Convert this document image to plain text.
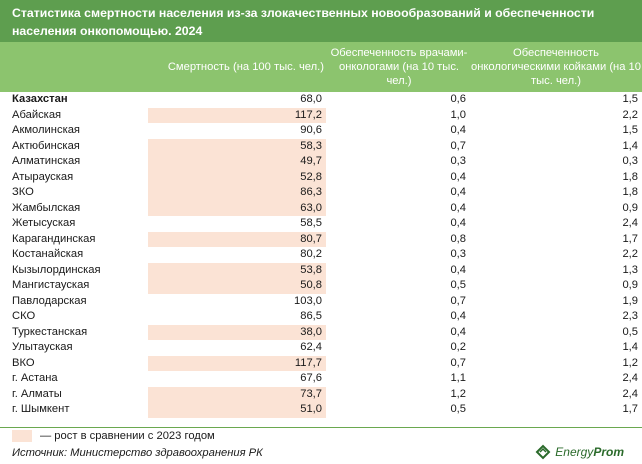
Статистика смертности населения из-за злокачественных новообразований и обеспеченности населения онкопомощью. 2024
Смертность (на 100 тыс. чел.)
Обеспеченность врачами-онкологами (на 10 тыс. чел.)
Обеспеченность онкологическими койками (на 10 тыс. чел.)
Казахстан	68,0	0,6	1,5
Абайская	117,2	1,0	2,2
Акмолинская	90,6	0,4	1,5
Актюбинская	58,3	0,7	1,4
Алматинская	49,7	0,3	0,3
Атырауская	52,8	0,4	1,8
ЗКО	86,3	0,4	1,8
Жамбылская	63,0	0,4	0,9
Жетысуская	58,5	0,4	2,4
Карагандинская	80,7	0,8	1,7
Костанайская	80,2	0,3	2,2
Кызылординская	53,8	0,4	1,3
Мангистауская	50,8	0,5	0,9
Павлодарская	103,0	0,7	1,9
СКО	86,5	0,4	2,3
Туркестанская	38,0	0,4	0,5
Улытауская	62,4	0,2	1,4
ВКО	117,7	0,7	1,2
г. Астана	67,6	1,1	2,4
г. Алматы	73,7	1,2	2,4
г. Шымкент	51,0	0,5	1,7
— рост в сравнении с 2023 годом
Источник: Министерство здравоохранения РК	EnergyProm
